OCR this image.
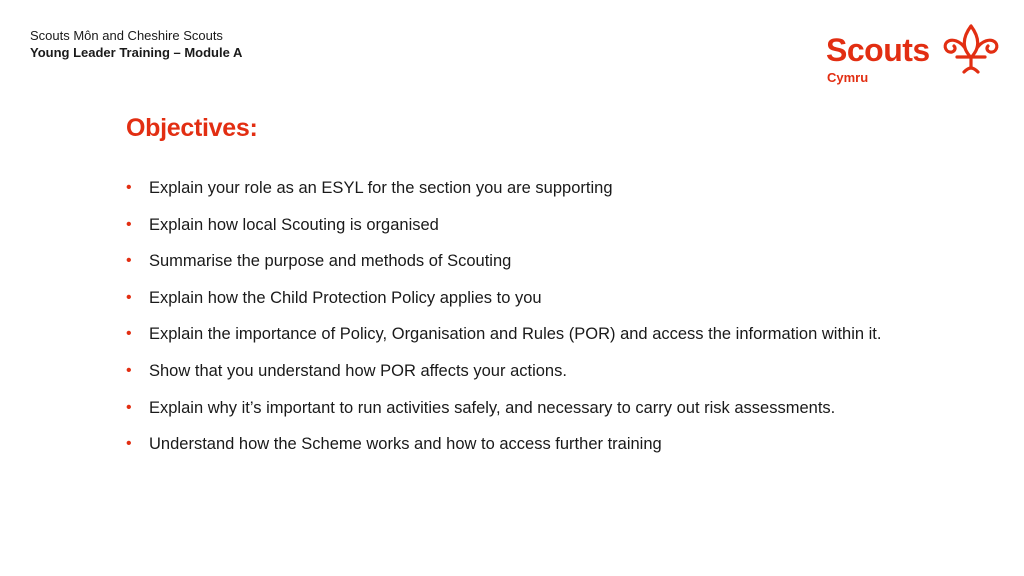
Scouts Môn and Cheshire Scouts
Young Leader Training – Module A	Scouts
Cymru
Objectives:
• Explain your role as an ESYL for the section you are supporting
• Explain how local Scouting is organised
• Summarise the purpose and methods of Scouting
• Explain how the Child Protection Policy applies to you
• Explain the importance of Policy, Organisation and Rules (POR) and access the information within it.
• Show that you understand how POR affects your actions.
• Explain why it’s important to run activities safely, and necessary to carry out risk assessments.
• Understand how the Scheme works and how to access further training
